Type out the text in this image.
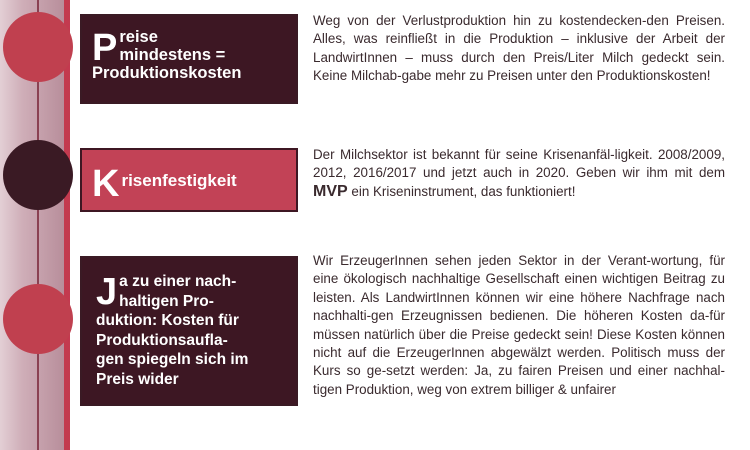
Preise
mindestens =
Produktionskosten
Weg von der Verlustproduktion hin zu kostendecken-den Preisen. Alles, was reinfließt in die Produktion – inklusive der Arbeit der LandwirtInnen – muss durch den Preis/Liter Milch gedeckt sein. Keine Milchab-gabe mehr zu Preisen unter den Produktionskosten!
K risenfestigkeit
Der Milchsektor ist bekannt für seine Krisenanfäl-ligkeit. 2008/2009, 2012, 2016/2017 und jetzt auch in 2020. Geben wir ihm mit dem MVP ein Kriseninstrument, das funktioniert!
Ja zu einer nach-
haltigen Pro-
duktion: Kosten für
Produktionsaufla-
gen spiegeln sich im
Preis wider
Wir ErzeugerInnen sehen jeden Sektor in der Verant-wortung, für eine ökologisch nachhaltige Gesellschaft einen wichtigen Beitrag zu leisten. Als LandwirtInnen können wir eine höhere Nachfrage nach nachhalti-gen Erzeugnissen bedienen. Die höheren Kosten da-für müssen natürlich über die Preise gedeckt sein! Diese Kosten können nicht auf die ErzeugerInnen abgewälzt werden. Politisch muss der Kurs so ge-setzt werden: Ja, zu fairen Preisen und einer nachhal-tigen Produktion, weg von extrem billiger & unfairer
